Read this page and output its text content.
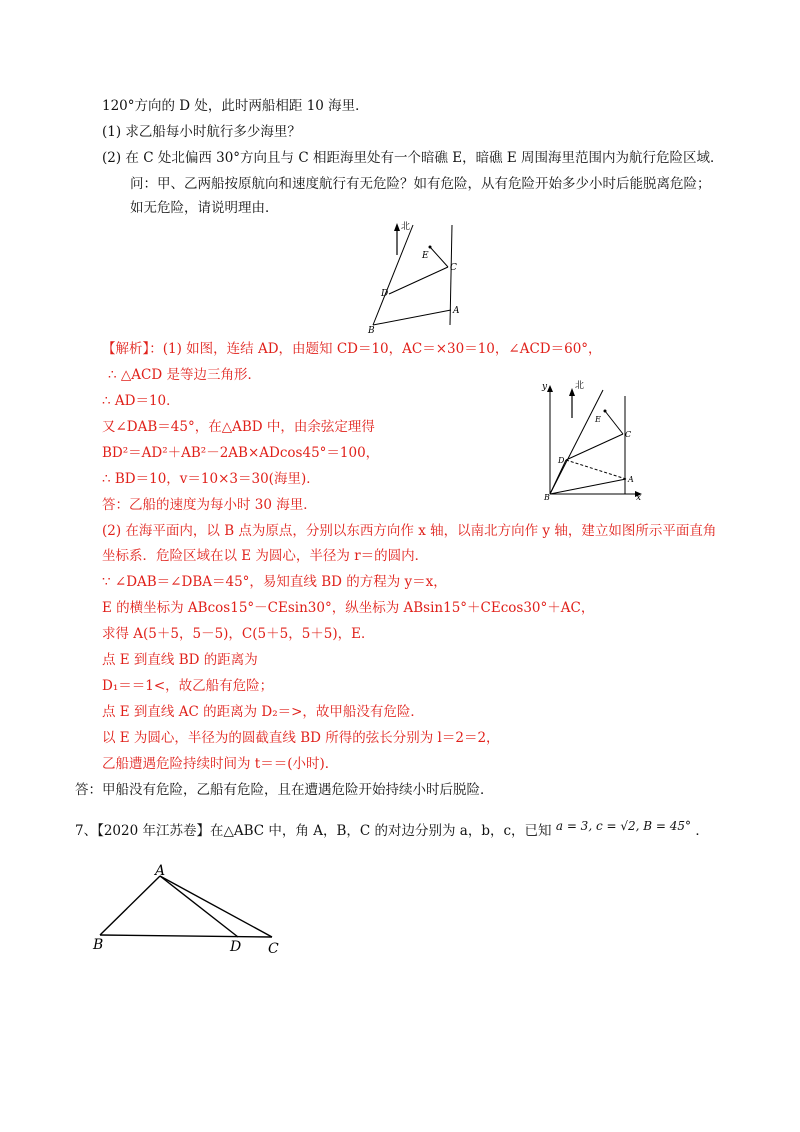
120°方向的 D 处，此时两船相距 10 海里．
(1) 求乙船每小时航行多少海里？
(2) 在 C 处北偏西 30°方向且与 C 相距海里处有一个暗礁 E，暗礁 E 周围海里范围内为航行危险区域．
问：甲、乙两船按原航向和速度航行有无危险？如有危险，从有危险开始多少小时后能脱离危险；
如无危险，请说明理由．
北
E
C
D
A
B
【解析】：(1) 如图，连结 AD，由题知 CD＝10，AC＝×30＝10，∠ACD＝60°，
∴ △ACD 是等边三角形．
∴ AD＝10．
又∠DAB＝45°，在△ABD 中，由余弦定理得
BD²＝AD²＋AB²－2AB×ADcos45°＝100，
∴ BD＝10，v＝10×3＝30(海里)．
答：乙船的速度为每小时 30 海里．
(2) 在海平面内，以 B 点为原点，分别以东西方向作 x 轴，以南北方向作 y 轴，建立如图所示平面直角
坐标系．危险区域在以 E 为圆心，半径为 r＝的圆内．
∵ ∠DAB＝∠DBA＝45°，易知直线 BD 的方程为 y＝x，
E 的横坐标为 ABcos15°－CEsin30°，纵坐标为 ABsin15°＋CEcos30°＋AC，
求得 A(5＋5，5－5)，C(5＋5，5＋5)，E．
点 E 到直线 BD 的距离为
D₁＝＝1<，故乙船有危险；
点 E 到直线 AC 的距离为 D₂＝>，故甲船没有危险．
以 E 为圆心，半径为的圆截直线 BD 所得的弦长分别为 l＝2＝2，
乙船遭遇危险持续时间为 t＝＝(小时)．
y	北
x
E
C
D
A
B
答：甲船没有危险，乙船有危险，且在遭遇危险开始持续小时后脱险．
7、【2020 年江苏卷】在△ABC 中，角 A，B，C 的对边分别为 a，b，c，已知 a = 3, c = √2, B = 45° ．
A
B	D C
